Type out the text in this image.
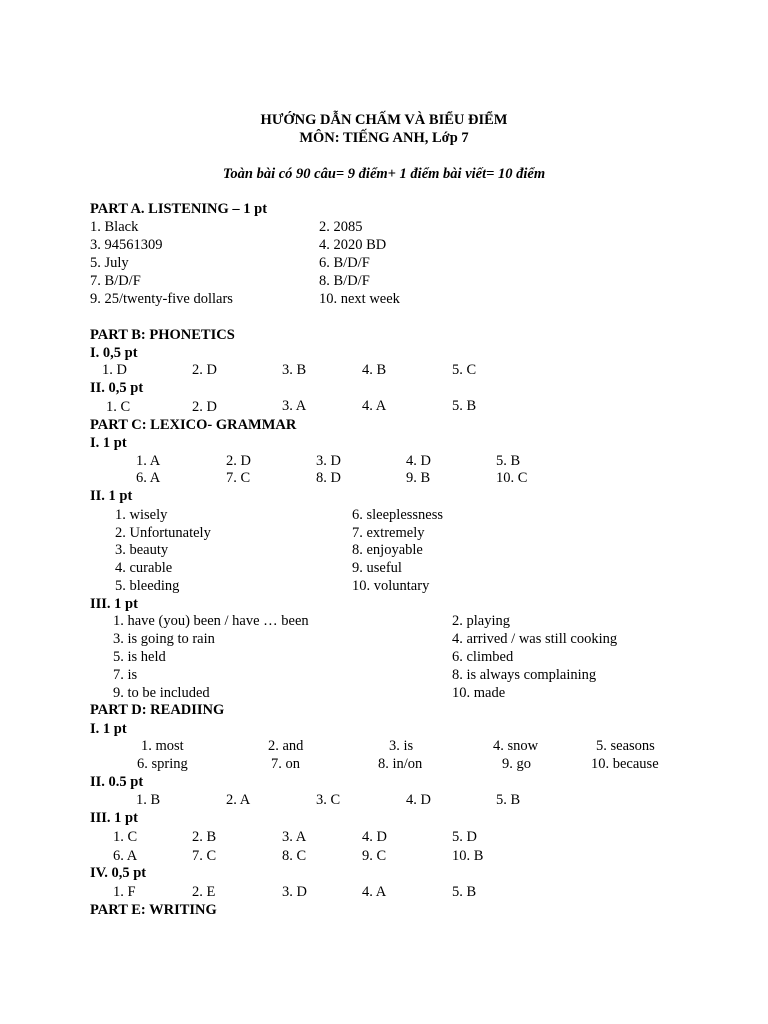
HƯỚNG DẪN CHẤM VÀ BIỂU ĐIỂM
MÔN: TIẾNG ANH, Lớp 7
Toàn bài có 90 câu= 9 điểm+ 1 điểm bài viết= 10 điểm
PART A. LISTENING – 1 pt
1. Black	2. 2085
3. 94561309	4. 2020 BD
5. July	6. B/D/F
7. B/D/F	8. B/D/F
9. 25/twenty-five dollars	10. next week
PART B: PHONETICS
I. 0,5 pt
1. D	2. D	3. B	4. B	5. C
II. 0,5 pt
1. C	2. D	3. A	4. A	5. B
PART C: LEXICO- GRAMMAR
I. 1 pt
1. A	2. D	3. D	4. D	5. B
6. A	7. C	8. D	9. B	10. C
II. 1 pt
1. wisely	6. sleeplessness
2. Unfortunately	7. extremely
3. beauty	8. enjoyable
4. curable	9. useful
5. bleeding	10. voluntary
III. 1 pt
1. have (you) been / have … been	2. playing
3. is going to rain	4. arrived / was still cooking
5. is held	6. climbed
7. is	8. is always complaining
9. to be included	10. made
PART D: READIING
I. 1 pt
1. most	2. and	3. is	4. snow	5. seasons
6. spring	7. on	8. in/on	9. go	10. because
II. 0.5 pt
1. B	2. A	3. C	4. D	5. B
III. 1 pt
1. C	2. B	3. A	4. D	5. D
6. A	7. C	8. C	9. C	10. B
IV. 0,5 pt
1. F	2. E	3. D	4. A	5. B
PART E: WRITING
